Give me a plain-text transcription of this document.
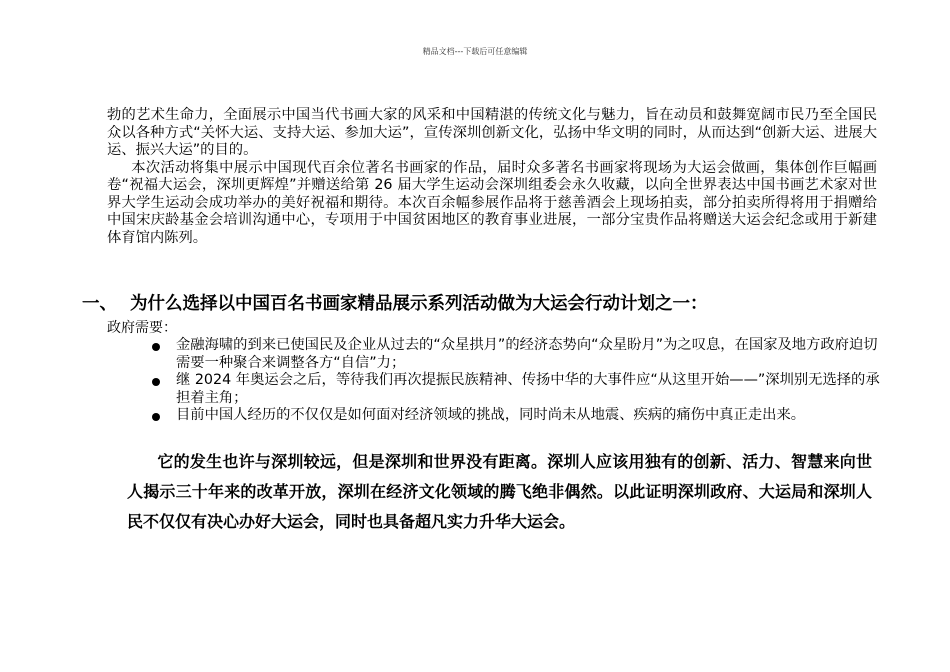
精品文档---下载后可任意编辑

勃的艺术生命力，全面展示中国当代书画大家的风采和中国精湛的传统文化与魅力，旨在动员和鼓舞宽阔市民乃至全国民众以各种方式“关怀大运、支持大运、参加大运”，宣传深圳创新文化，弘扬中华文明的同时，从而达到“创新大运、进展大运、振兴大运”的目的。

本次活动将集中展示中国现代百余位著名书画家的作品，届时众多著名书画家将现场为大运会做画，集体创作巨幅画卷“祝福大运会，深圳更辉煌”并赠送给第 26 届大学生运动会深圳组委会永久收藏，以向全世界表达中国书画艺术家对世界大学生运动会成功举办的美好祝福和期待。本次百余幅参展作品将于慈善酒会上现场拍卖，部分拍卖所得将用于捐赠给中国宋庆龄基金会培训沟通中心，专项用于中国贫困地区的教育事业进展，一部分宝贵作品将赠送大运会纪念或用于新建体育馆内陈列。

一、 为什么选择以中国百名书画家精品展示系列活动做为大运会行动计划之一：
政府需要：
金融海啸的到来已使国民及企业从过去的“众星拱月”的经济态势向“众星盼月”为之叹息，在国家及地方政府迫切需要一种聚合来调整各方“自信”力；
继 2024 年奥运会之后，等待我们再次提振民族精神、传扬中华的大事件应“从这里开始——”深圳别无选择的承担着主角；
目前中国人经历的不仅仅是如何面对经济领域的挑战，同时尚未从地震、疾病的痛伤中真正走出来。

它的发生也许与深圳较远，但是深圳和世界没有距离。深圳人应该用独有的创新、活力、智慧来向世人揭示三十年来的改革开放，深圳在经济文化领域的腾飞绝非偶然。以此证明深圳政府、大运局和深圳人民不仅仅有决心办好大运会，同时也具备超凡实力升华大运会。
